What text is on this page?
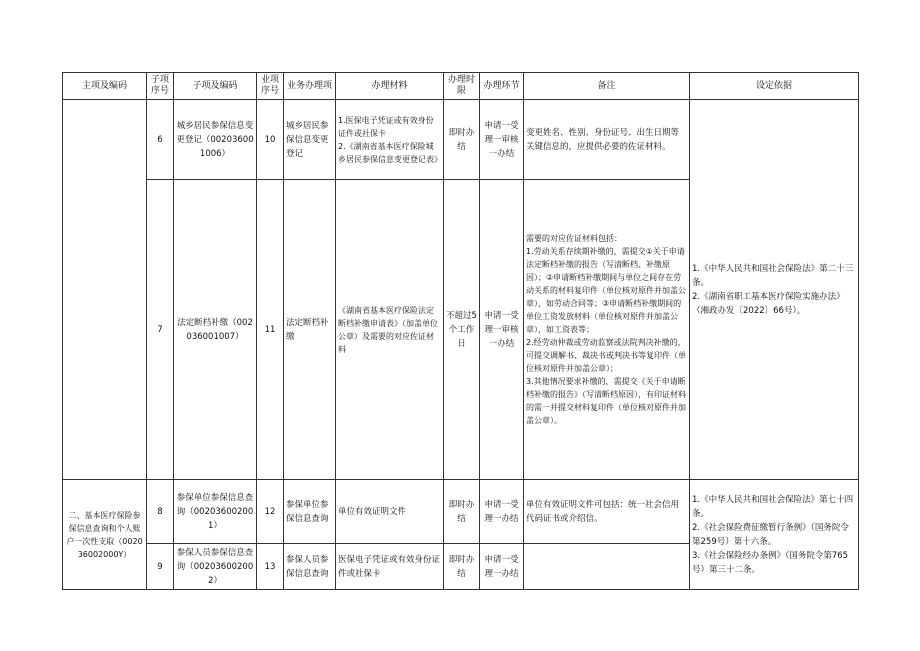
主项及编码	子项序号	子项及编码	业项序号	业务办理项	办理材料	办理时限	办理环节	备注	设定依据
	6	城乡居民参保信息变更登记（002036001006）	10	城乡居民参保信息变更登记	1.医保电子凭证或有效身份证件或社保卡
2.《湖南省基本医疗保险城乡居民参保信息变更登记表》	即时办结	申请一受理一审核一办结	变更姓名、性别、身份证号、出生日期等关键信息的，应提供必要的佐证材料。	1.《中华人民共和国社会保险法》第二十三条。
2.《湖南省职工基本医疗保险实施办法》（湘政办发〔2022〕66号）。
	7	法定断档补缴（002036001007）	11	法定断档补缴	《湖南省基本医疗保险法定断档补缴申请表》（加盖单位公章）及需要的对应佐证材料	不超过5个工作日	申请一受理一审核一办结	需要的对应佐证材料包括：
1.劳动关系存续期补缴的，需提交①关于申请法定断档补缴的报告（写清断档、补缴原因）；②申请断档补缴期间与单位之间存在劳动关系的材料复印件（单位核对原件并加盖公章），如劳动合同等；③申请断档补缴期间的单位工资发放材料（单位核对原件并加盖公章），如工资表等；
2.经劳动仲裁或劳动监察或法院判决补缴的，可提交调解书、裁决书或判决书等复印件（单位核对原件并加盖公章）；
3.其他情况要求补缴的，需提交《关于申请断档补缴的报告》（写清断档原因），有印证材料的需一并提交材料复印件（单位核对原件并加盖公章）。	
二、基本医疗保险参保信息查询和个人账户一次性支取（002036002000Y）	8	参保单位参保信息查询（002036002001）	12	参保单位参保信息查询	单位有效证明文件	即时办结	申请一受理一办结	单位有效证明文件可包括：统一社会信用代码证书或介绍信。	1.《中华人民共和国社会保险法》第七十四条。
2.《社会保险费征缴暂行条例》（国务院令第259号）第十六条。
3.《社会保险经办条例》（国务院令第765号）第三十二条。
	9	参保人员参保信息查询（002036002002）	13	参保人员参保信息查询	医保电子凭证或有效身份证件或社保卡	即时办结	申请一受理一办结		
